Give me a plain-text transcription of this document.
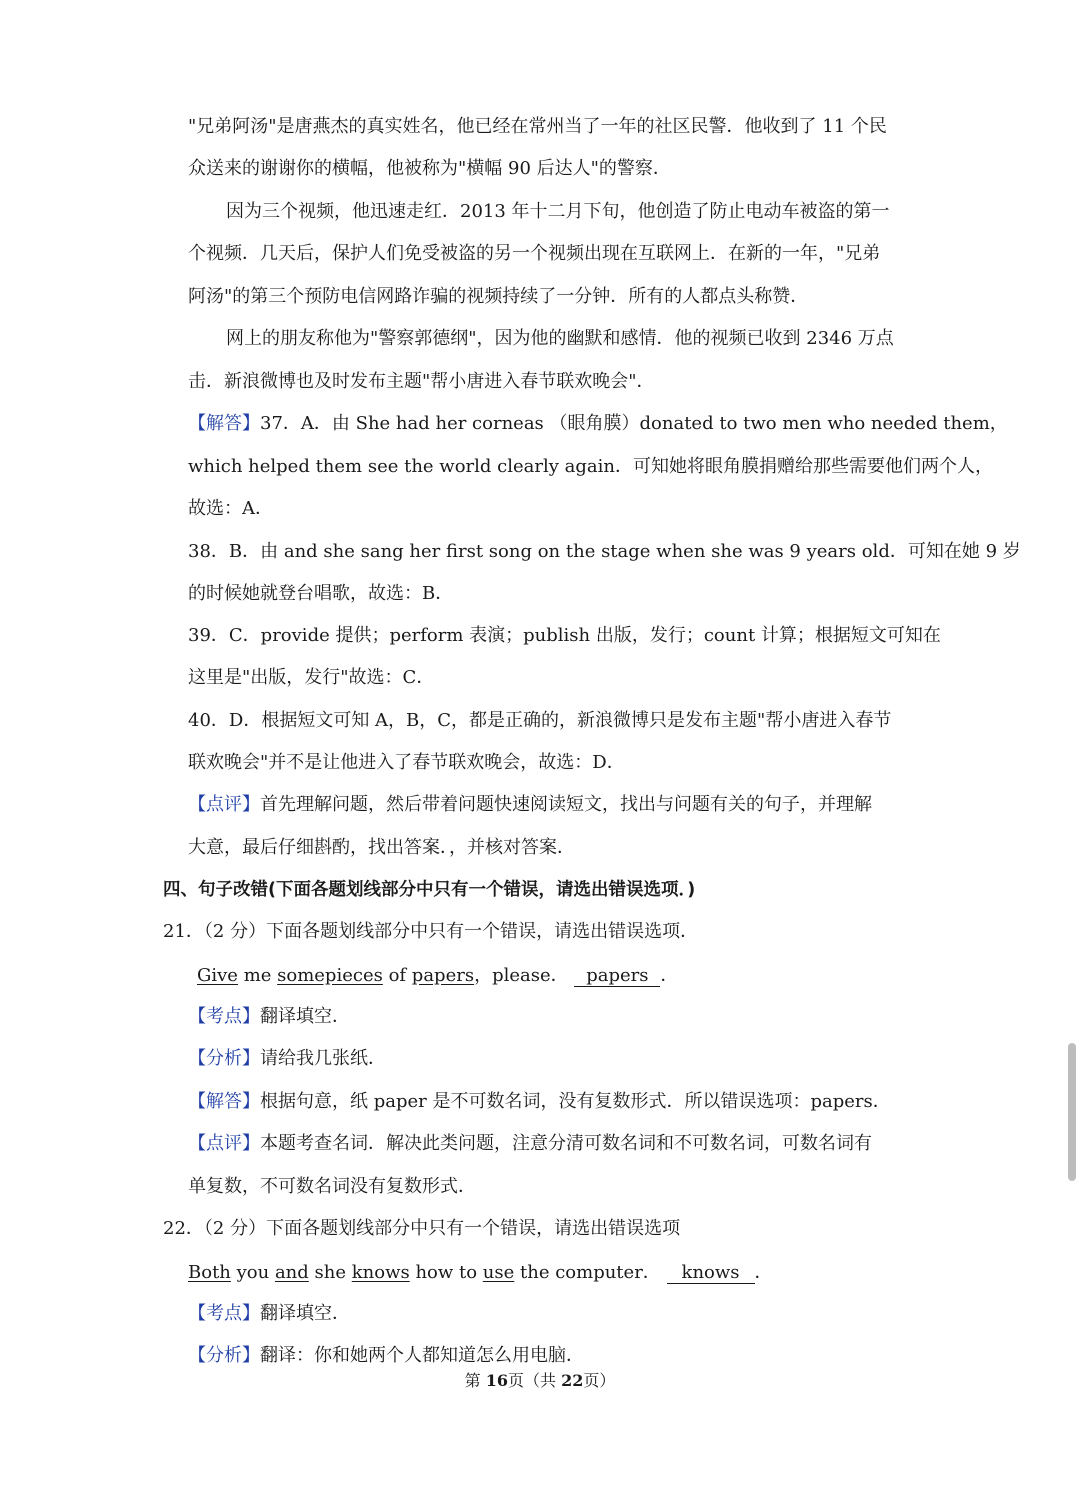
"兄弟阿汤"是唐燕杰的真实姓名，他已经在常州当了一年的社区民警．他收到了 11 个民
众送来的谢谢你的横幅，他被称为"横幅 90 后达人"的警察．
因为三个视频，他迅速走红．2013 年十二月下旬，他创造了防止电动车被盗的第一
个视频．几天后，保护人们免受被盗的另一个视频出现在互联网上．在新的一年，"兄弟
阿汤"的第三个预防电信网路诈骗的视频持续了一分钟．所有的人都点头称赞．
网上的朋友称他为"警察郭德纲"，因为他的幽默和感情．他的视频已收到 2346 万点
击．新浪微博也及时发布主题"帮小唐进入春节联欢晚会"．
【解答】37．A．由 She had her corneas （眼角膜）donated to two men who needed them，
which helped them see the world clearly again．可知她将眼角膜捐赠给那些需要他们两个人，
故选：A．
38．B．由 and she sang her first song on the stage when she was 9 years old．可知在她 9 岁
的时候她就登台唱歌，故选：B．
39．C．provide 提供；perform 表演；publish 出版，发行；count 计算；根据短文可知在
这里是"出版，发行"故选：C．
40．D．根据短文可知 A，B，C，都是正确的，新浪微博只是发布主题"帮小唐进入春节
联欢晚会"并不是让他进入了春节联欢晚会，故选：D．
【点评】首先理解问题，然后带着问题快速阅读短文，找出与问题有关的句子，并理解
大意，最后仔细斟酌，找出答案．，并核对答案．
四、句子改错(下面各题划线部分中只有一个错误，请选出错误选项．)
21．（2 分）下面各题划线部分中只有一个错误，请选出错误选项．
Give me somepieces of papers，please． papers ．
【考点】翻译填空．
【分析】请给我几张纸．
【解答】根据句意，纸 paper 是不可数名词，没有复数形式．所以错误选项：papers．
【点评】本题考查名词．解决此类问题，注意分清可数名词和不可数名词，可数名词有
单复数，不可数名词没有复数形式．
22．（2 分）下面各题划线部分中只有一个错误，请选出错误选项
Both you and she knows how to use the computer． knows ．
【考点】翻译填空．
【分析】翻译：你和她两个人都知道怎么用电脑．
第 16页（共 22页）
